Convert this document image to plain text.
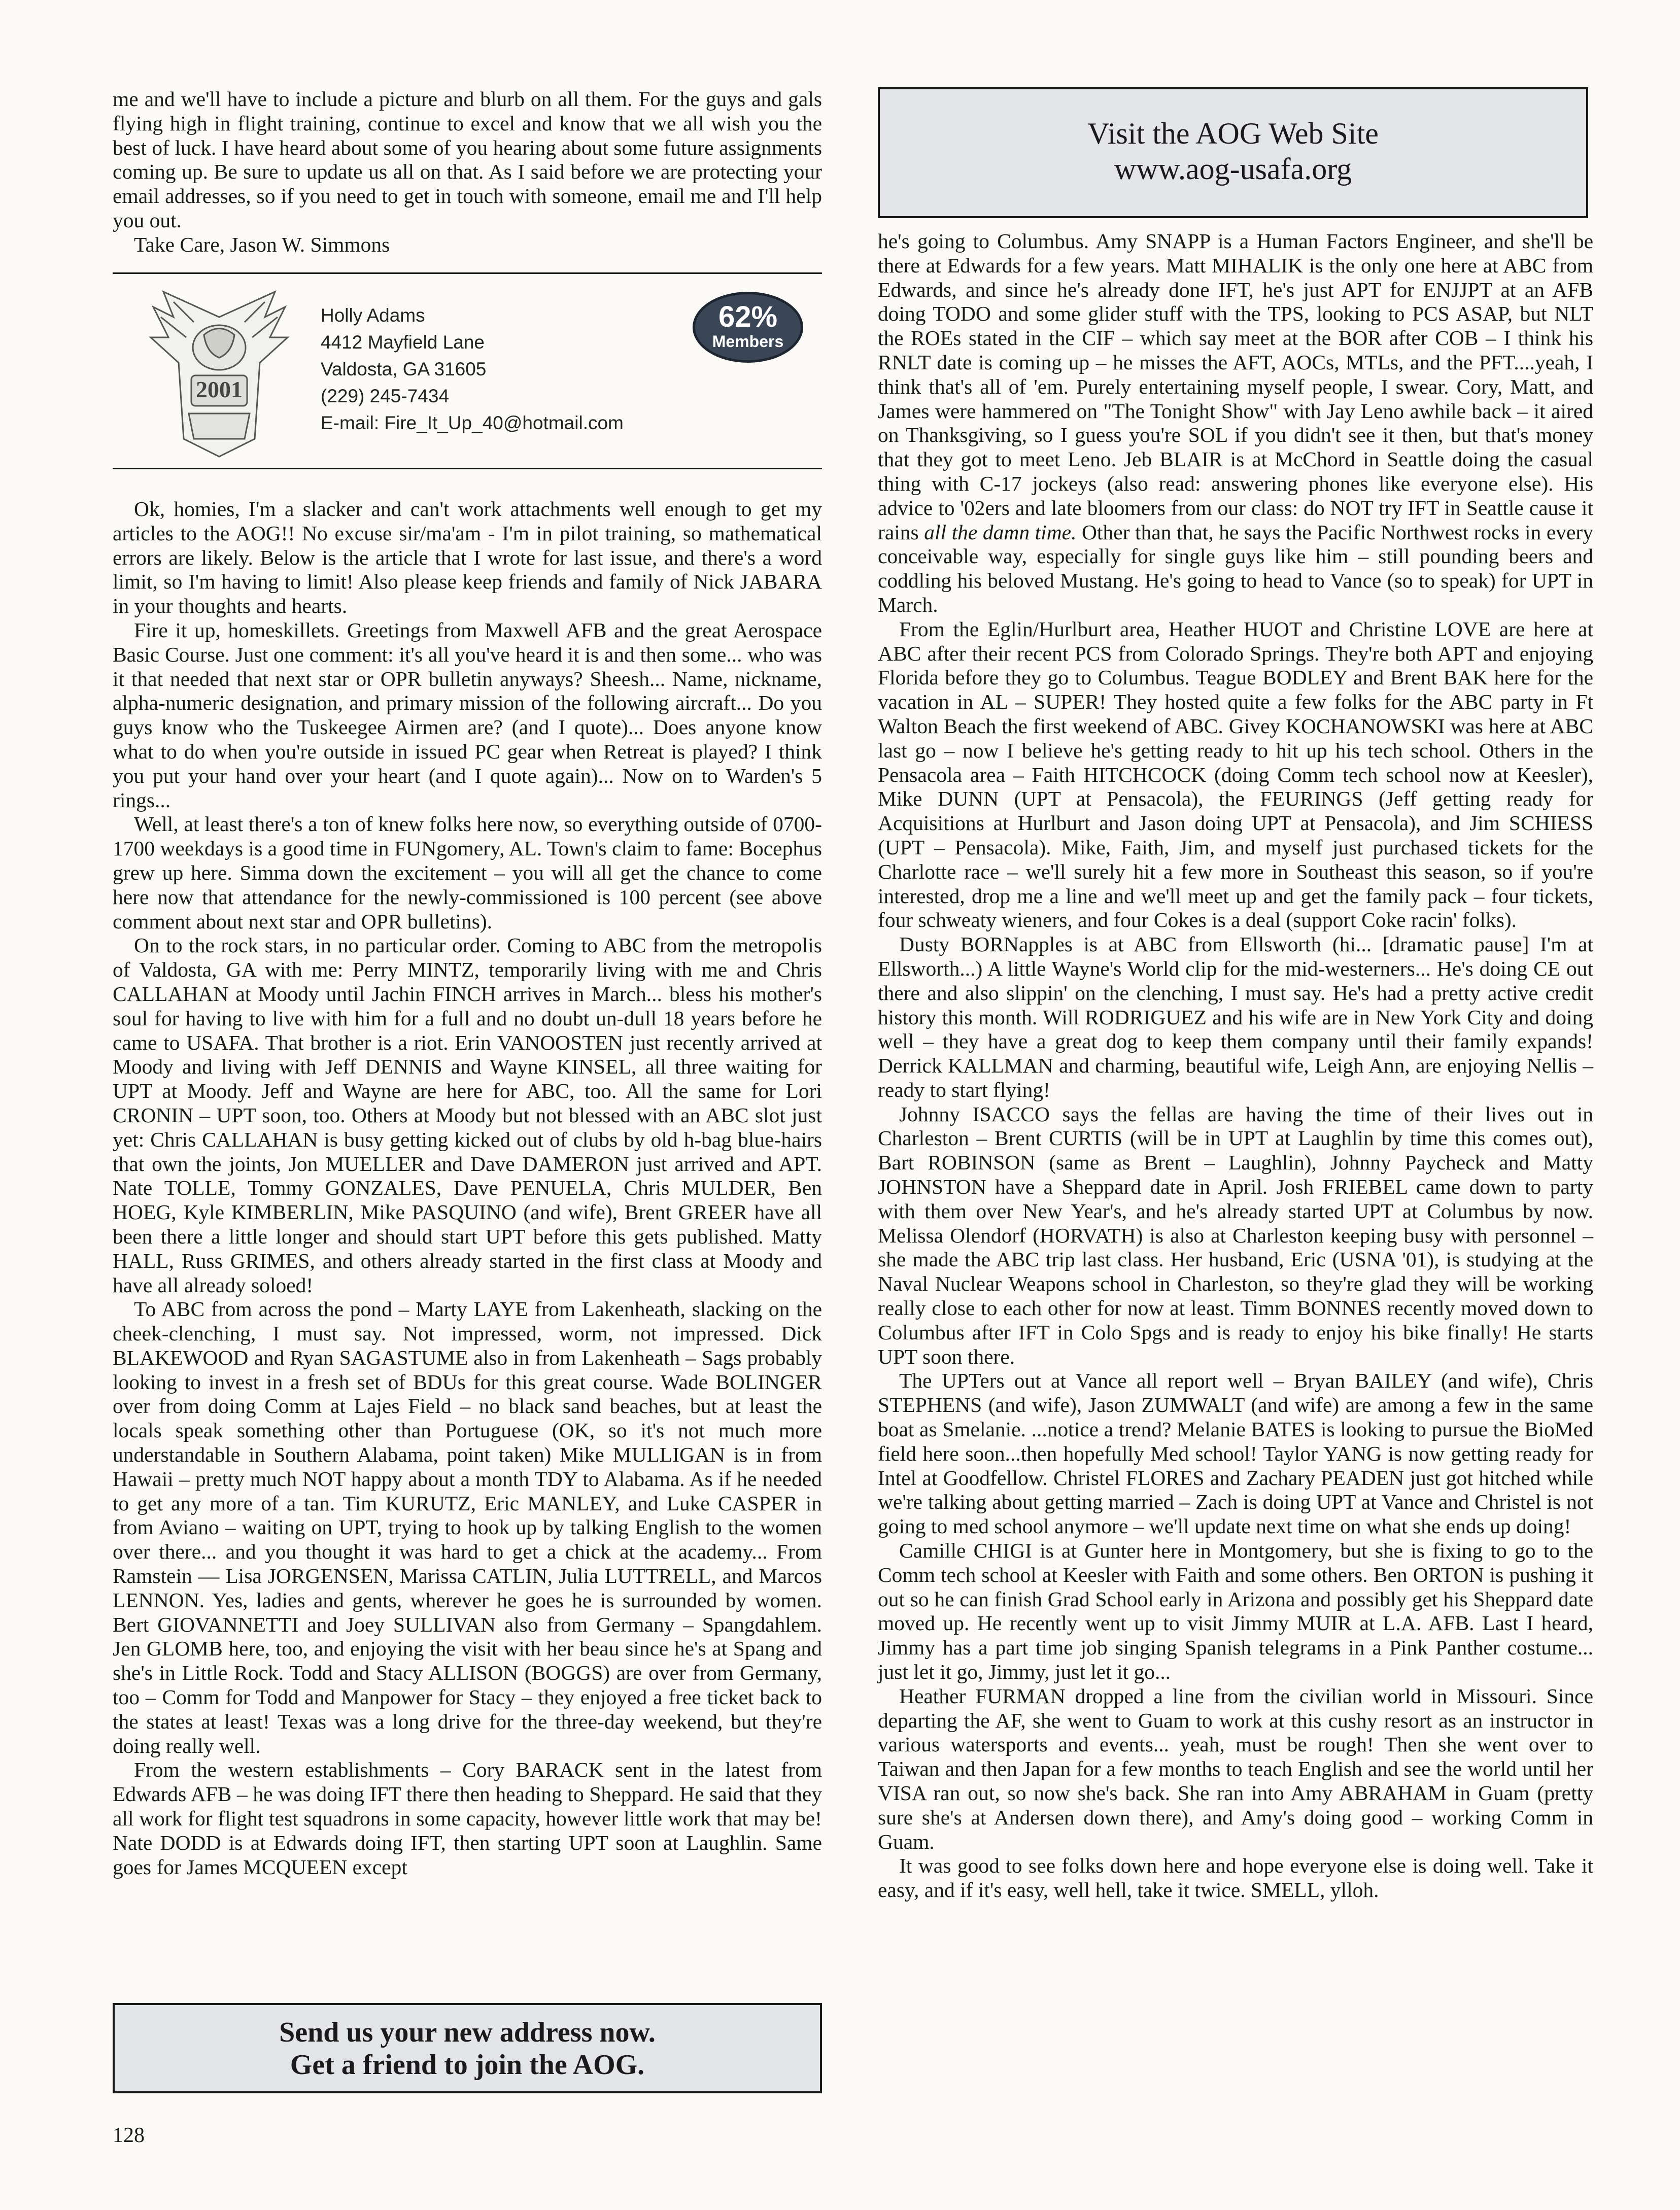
me and we'll have to include a picture and blurb on all them. For the guys and gals flying high in flight training, continue to excel and know that we all wish you the best of luck. I have heard about some of you hearing about some future assignments coming up. Be sure to update us all on that. As I said before we are protecting your email addresses, so if you need to get in touch with someone, email me and I'll help you out.

Take Care, Jason W. Simmons

2001
Holly Adams
4412 Mayfield Lane
Valdosta, GA 31605
(229) 245-7434
E-mail: Fire_It_Up_40@hotmail.com
62%
Members

Ok, homies, I'm a slacker and can't work attachments well enough to get my articles to the AOG!! No excuse sir/ma'am - I'm in pilot training, so mathematical errors are likely. Below is the article that I wrote for last issue, and there's a word limit, so I'm having to limit! Also please keep friends and family of Nick JABARA in your thoughts and hearts.

Fire it up, homeskillets. Greetings from Maxwell AFB and the great Aerospace Basic Course. Just one comment: it's all you've heard it is and then some... who was it that needed that next star or OPR bulletin anyways? Sheesh... Name, nickname, alpha-numeric designation, and primary mission of the following aircraft... Do you guys know who the Tuskeegee Airmen are? (and I quote)... Does anyone know what to do when you're outside in issued PC gear when Retreat is played? I think you put your hand over your heart (and I quote again)... Now on to Warden's 5 rings...

Well, at least there's a ton of knew folks here now, so everything outside of 0700-1700 weekdays is a good time in FUNgomery, AL. Town's claim to fame: Bocephus grew up here. Simma down the excitement – you will all get the chance to come here now that attendance for the newly-commissioned is 100 percent (see above comment about next star and OPR bulletins).

On to the rock stars, in no particular order. Coming to ABC from the metropolis of Valdosta, GA with me: Perry MINTZ, temporarily living with me and Chris CALLAHAN at Moody until Jachin FINCH arrives in March... bless his mother's soul for having to live with him for a full and no doubt un-dull 18 years before he came to USAFA. That brother is a riot. Erin VANOOSTEN just recently arrived at Moody and living with Jeff DENNIS and Wayne KINSEL, all three waiting for UPT at Moody. Jeff and Wayne are here for ABC, too. All the same for Lori CRONIN – UPT soon, too. Others at Moody but not blessed with an ABC slot just yet: Chris CALLAHAN is busy getting kicked out of clubs by old h-bag blue-hairs that own the joints, Jon MUELLER and Dave DAMERON just arrived and APT. Nate TOLLE, Tommy GONZALES, Dave PENUELA, Chris MULDER, Ben HOEG, Kyle KIMBERLIN, Mike PASQUINO (and wife), Brent GREER have all been there a little longer and should start UPT before this gets published. Matty HALL, Russ GRIMES, and others already started in the first class at Moody and have all already soloed!

To ABC from across the pond – Marty LAYE from Lakenheath, slacking on the cheek-clenching, I must say. Not impressed, worm, not impressed. Dick BLAKEWOOD and Ryan SAGASTUME also in from Lakenheath – Sags probably looking to invest in a fresh set of BDUs for this great course. Wade BOLINGER over from doing Comm at Lajes Field – no black sand beaches, but at least the locals speak something other than Portuguese (OK, so it's not much more understandable in Southern Alabama, point taken) Mike MULLIGAN is in from Hawaii – pretty much NOT happy about a month TDY to Alabama. As if he needed to get any more of a tan. Tim KURUTZ, Eric MANLEY, and Luke CASPER in from Aviano – waiting on UPT, trying to hook up by talking English to the women over there... and you thought it was hard to get a chick at the academy... From Ramstein — Lisa JORGENSEN, Marissa CATLIN, Julia LUTTRELL, and Marcos LENNON. Yes, ladies and gents, wherever he goes he is surrounded by women. Bert GIOVANNETTI and Joey SULLIVAN also from Germany – Spangdahlem. Jen GLOMB here, too, and enjoying the visit with her beau since he's at Spang and she's in Little Rock. Todd and Stacy ALLISON (BOGGS) are over from Germany, too – Comm for Todd and Manpower for Stacy – they enjoyed a free ticket back to the states at least! Texas was a long drive for the three-day weekend, but they're doing really well.

From the western establishments – Cory BARACK sent in the latest from Edwards AFB – he was doing IFT there then heading to Sheppard. He said that they all work for flight test squadrons in some capacity, however little work that may be! Nate DODD is at Edwards doing IFT, then starting UPT soon at Laughlin. Same goes for James MCQUEEN except

Visit the AOG Web Site
www.aog-usafa.org

he's going to Columbus. Amy SNAPP is a Human Factors Engineer, and she'll be there at Edwards for a few years. Matt MIHALIK is the only one here at ABC from Edwards, and since he's already done IFT, he's just APT for ENJJPT at an AFB doing TODO and some glider stuff with the TPS, looking to PCS ASAP, but NLT the ROEs stated in the CIF – which say meet at the BOR after COB – I think his RNLT date is coming up – he misses the AFT, AOCs, MTLs, and the PFT....yeah, I think that's all of 'em. Purely entertaining myself people, I swear. Cory, Matt, and James were hammered on "The Tonight Show" with Jay Leno awhile back – it aired on Thanksgiving, so I guess you're SOL if you didn't see it then, but that's money that they got to meet Leno. Jeb BLAIR is at McChord in Seattle doing the casual thing with C-17 jockeys (also read: answering phones like everyone else). His advice to '02ers and late bloomers from our class: do NOT try IFT in Seattle cause it rains all the damn time. Other than that, he says the Pacific Northwest rocks in every conceivable way, especially for single guys like him – still pounding beers and coddling his beloved Mustang. He's going to head to Vance (so to speak) for UPT in March.

From the Eglin/Hurlburt area, Heather HUOT and Christine LOVE are here at ABC after their recent PCS from Colorado Springs. They're both APT and enjoying Florida before they go to Columbus. Teague BODLEY and Brent BAK here for the vacation in AL – SUPER! They hosted quite a few folks for the ABC party in Ft Walton Beach the first weekend of ABC. Givey KOCHANOWSKI was here at ABC last go – now I believe he's getting ready to hit up his tech school. Others in the Pensacola area – Faith HITCHCOCK (doing Comm tech school now at Keesler), Mike DUNN (UPT at Pensacola), the FEURINGS (Jeff getting ready for Acquisitions at Hurlburt and Jason doing UPT at Pensacola), and Jim SCHIESS (UPT – Pensacola). Mike, Faith, Jim, and myself just purchased tickets for the Charlotte race – we'll surely hit a few more in Southeast this season, so if you're interested, drop me a line and we'll meet up and get the family pack – four tickets, four schweaty wieners, and four Cokes is a deal (support Coke racin' folks).

Dusty BORNapples is at ABC from Ellsworth (hi... [dramatic pause] I'm at Ellsworth...) A little Wayne's World clip for the mid-westerners... He's doing CE out there and also slippin' on the clenching, I must say. He's had a pretty active credit history this month. Will RODRIGUEZ and his wife are in New York City and doing well – they have a great dog to keep them company until their family expands! Derrick KALLMAN and charming, beautiful wife, Leigh Ann, are enjoying Nellis – ready to start flying!

Johnny ISACCO says the fellas are having the time of their lives out in Charleston – Brent CURTIS (will be in UPT at Laughlin by time this comes out), Bart ROBINSON (same as Brent – Laughlin), Johnny Paycheck and Matty JOHNSTON have a Sheppard date in April. Josh FRIEBEL came down to party with them over New Year's, and he's already started UPT at Columbus by now. Melissa Olendorf (HORVATH) is also at Charleston keeping busy with personnel – she made the ABC trip last class. Her husband, Eric (USNA '01), is studying at the Naval Nuclear Weapons school in Charleston, so they're glad they will be working really close to each other for now at least. Timm BONNES recently moved down to Columbus after IFT in Colo Spgs and is ready to enjoy his bike finally! He starts UPT soon there.

The UPTers out at Vance all report well – Bryan BAILEY (and wife), Chris STEPHENS (and wife), Jason ZUMWALT (and wife) are among a few in the same boat as Smelanie. ...notice a trend? Melanie BATES is looking to pursue the BioMed field here soon...then hopefully Med school! Taylor YANG is now getting ready for Intel at Goodfellow. Christel FLORES and Zachary PEADEN just got hitched while we're talking about getting married – Zach is doing UPT at Vance and Christel is not going to med school anymore – we'll update next time on what she ends up doing!

Camille CHIGI is at Gunter here in Montgomery, but she is fixing to go to the Comm tech school at Keesler with Faith and some others. Ben ORTON is pushing it out so he can finish Grad School early in Arizona and possibly get his Sheppard date moved up. He recently went up to visit Jimmy MUIR at L.A. AFB. Last I heard, Jimmy has a part time job singing Spanish telegrams in a Pink Panther costume... just let it go, Jimmy, just let it go...

Heather FURMAN dropped a line from the civilian world in Missouri. Since departing the AF, she went to Guam to work at this cushy resort as an instructor in various watersports and events... yeah, must be rough! Then she went over to Taiwan and then Japan for a few months to teach English and see the world until her VISA ran out, so now she's back. She ran into Amy ABRAHAM in Guam (pretty sure she's at Andersen down there), and Amy's doing good – working Comm in Guam.

It was good to see folks down here and hope everyone else is doing well. Take it easy, and if it's easy, well hell, take it twice. SMELL, ylloh.

Send us your new address now.
Get a friend to join the AOG.
128
